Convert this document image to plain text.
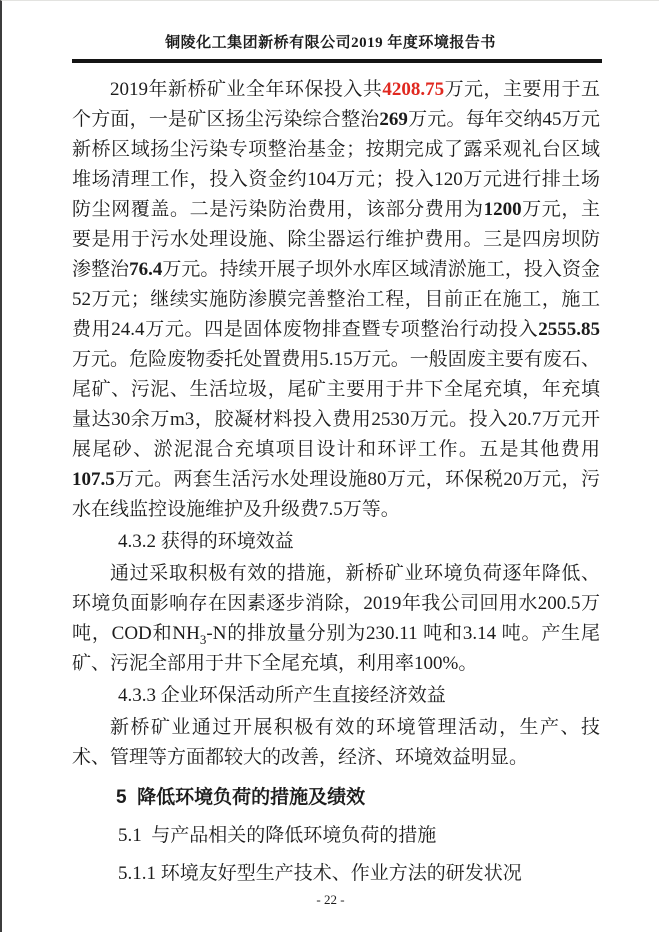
铜陵化工集团新桥有限公司2019 年度环境报告书

2019年新桥矿业全年环保投入共4208.75万元，主要用于五个方面，一是矿区扬尘污染综合整治269万元。每年交纳45万元新桥区域扬尘污染专项整治基金；按期完成了露采观礼台区域堆场清理工作，投入资金约104万元；投入120万元进行排土场防尘网覆盖。二是污染防治费用，该部分费用为1200万元，主要是用于污水处理设施、除尘器运行维护费用。三是四房坝防渗整治76.4万元。持续开展子坝外水库区域清淤施工，投入资金52万元；继续实施防渗膜完善整治工程，目前正在施工，施工费用24.4万元。四是固体废物排查暨专项整治行动投入2555.85万元。危险废物委托处置费用5.15万元。一般固废主要有废石、尾矿、污泥、生活垃圾，尾矿主要用于井下全尾充填，年充填量达30余万m3，胶凝材料投入费用2530万元。投入20.7万元开展尾砂、淤泥混合充填项目设计和环评工作。五是其他费用107.5万元。两套生活污水处理设施80万元，环保税20万元，污水在线监控设施维护及升级费7.5万等。

4.3.2 获得的环境效益

通过采取积极有效的措施，新桥矿业环境负荷逐年降低、环境负面影响存在因素逐步消除，2019年我公司回用水200.5万吨，COD和$NH_3-N$的排放量分别为230.11 吨和3.14 吨。产生尾矿、污泥全部用于井下全尾充填，利用率100%。

4.3.3 企业环保活动所产生直接经济效益

新桥矿业通过开展积极有效的环境管理活动，生产、技术、管理等方面都较大的改善，经济、环境效益明显。

5  降低环境负荷的措施及绩效

5.1  与产品相关的降低环境负荷的措施

5.1.1 环境友好型生产技术、作业方法的研发状况

- 22 -
